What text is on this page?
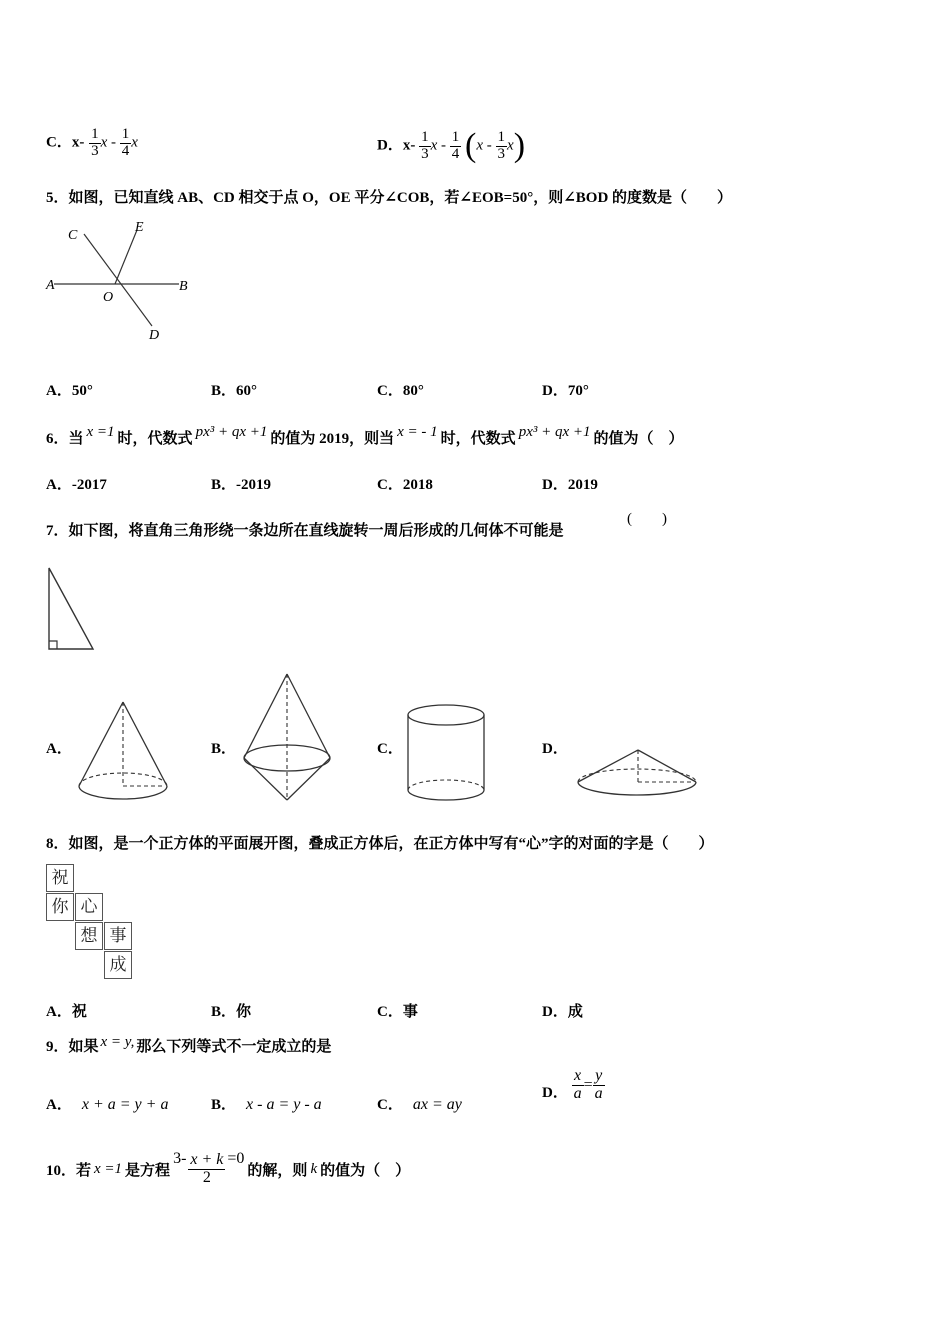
C．$x- \frac{1}{3}$ x - $\frac{1}{4}$ x	D．$x- \frac{1}{3}$ x - $\frac{1}{4} (x - \frac{1}{3} x)$
5．如图，已知直线 AB、CD 相交于点 O，OE 平分∠COB，若∠EOB=50°，则∠BOD 的度数是（　　）
A	B
C
D
E
O
A．50°	B．60°	C．80°	D．70°
6．当 x =1 时，代数式 px³ + qx +1 的值为 2019，则当 x = - 1 时，代数式 px³ + qx +1 的值为（　）
A．-2017	B．-2019	C．2018	D．2019
7．如下图，将直角三角形绕一条边所在直线旋转一周后形成的几何体不可能是
(　　)
A．	B．	C．	D．
8．如图，是一个正方体的平面展开图，叠成正方体后，在正方体中写有“心”字的对面的字是（　　）
祝
你 心
想 事
成
A．祝	B．你	C．事	D．成
9．如果 x = y, 那么下列等式不一定成立的是
A． x + a = y + a	B． x - a = y - a	C． ax = ay
D． $\frac{x}{a} = \frac{y}{a}$
10．若 x =1 是方程$3- \frac{x + k}{2} =0$的解，则 k 的值为（　）
